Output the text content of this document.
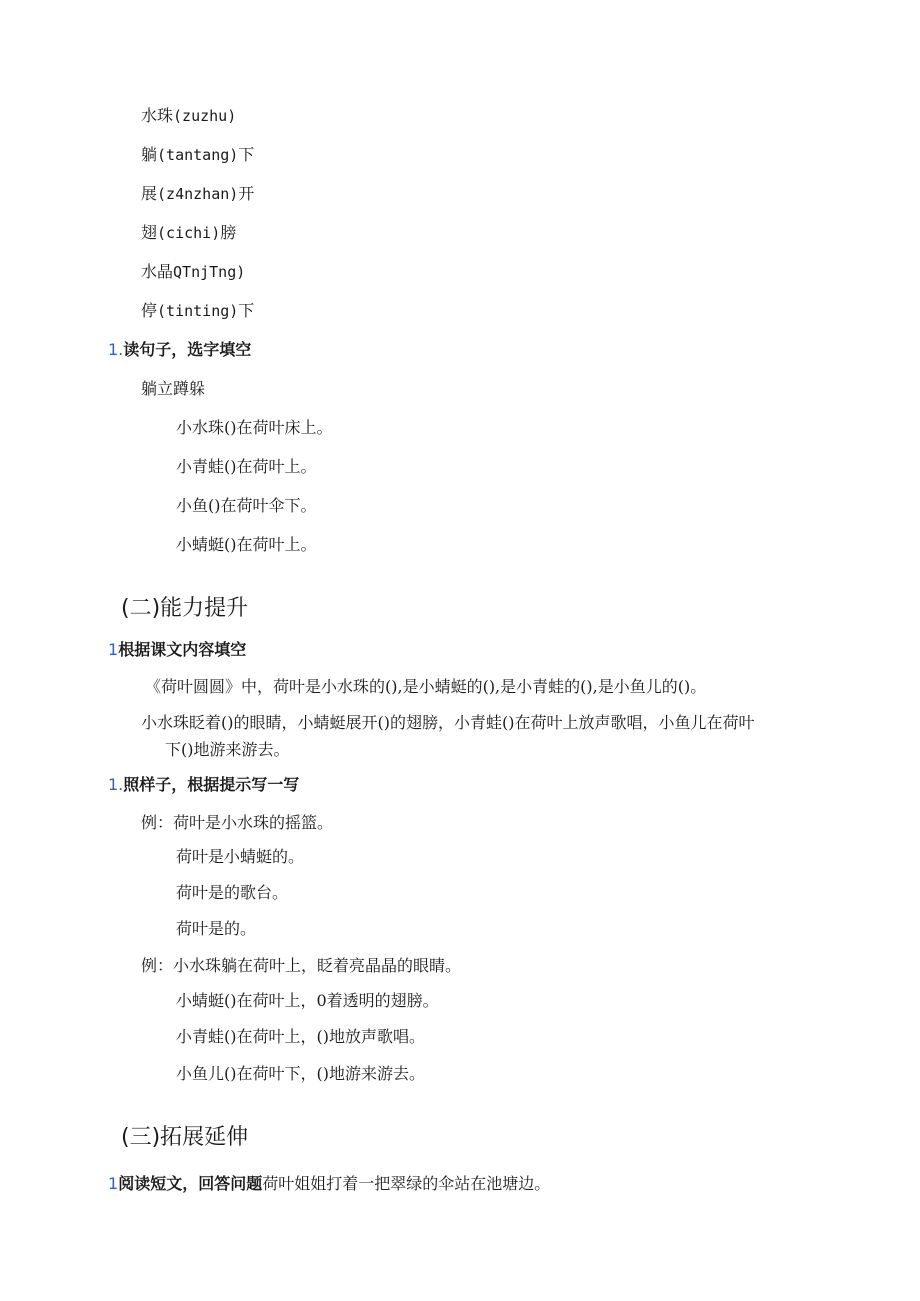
水珠(zuzhu)
躺(tantang)下
展(z4nzhan)开
翅(cichi)膀
水晶QTnjTng)
停(tinting)下
1.读句子，选字填空
躺立蹲躲
小水珠()在荷叶床上。
小青蛙()在荷叶上。
小鱼()在荷叶伞下。
小蜻蜓()在荷叶上。
(二)能力提升
1根据课文内容填空
《荷叶圆圆》中，荷叶是小水珠的(),是小蜻蜓的(),是小青蛙的(),是小鱼儿的()。
小水珠眨着()的眼睛，小蜻蜓展开()的翅膀，小青蛙()在荷叶上放声歌唱，小鱼儿在荷叶
下()地游来游去。
1.照样子，根据提示写一写
例：荷叶是小水珠的摇篮。
荷叶是小蜻蜓的。
荷叶是的歌台。
荷叶是的。
例：小水珠躺在荷叶上，眨着亮晶晶的眼睛。
小蜻蜓()在荷叶上，0着透明的翅膀。
小青蛙()在荷叶上，()地放声歌唱。
小鱼儿()在荷叶下，()地游来游去。
(三)拓展延伸
1阅读短文，回答问题荷叶姐姐打着一把翠绿的伞站在池塘边。
